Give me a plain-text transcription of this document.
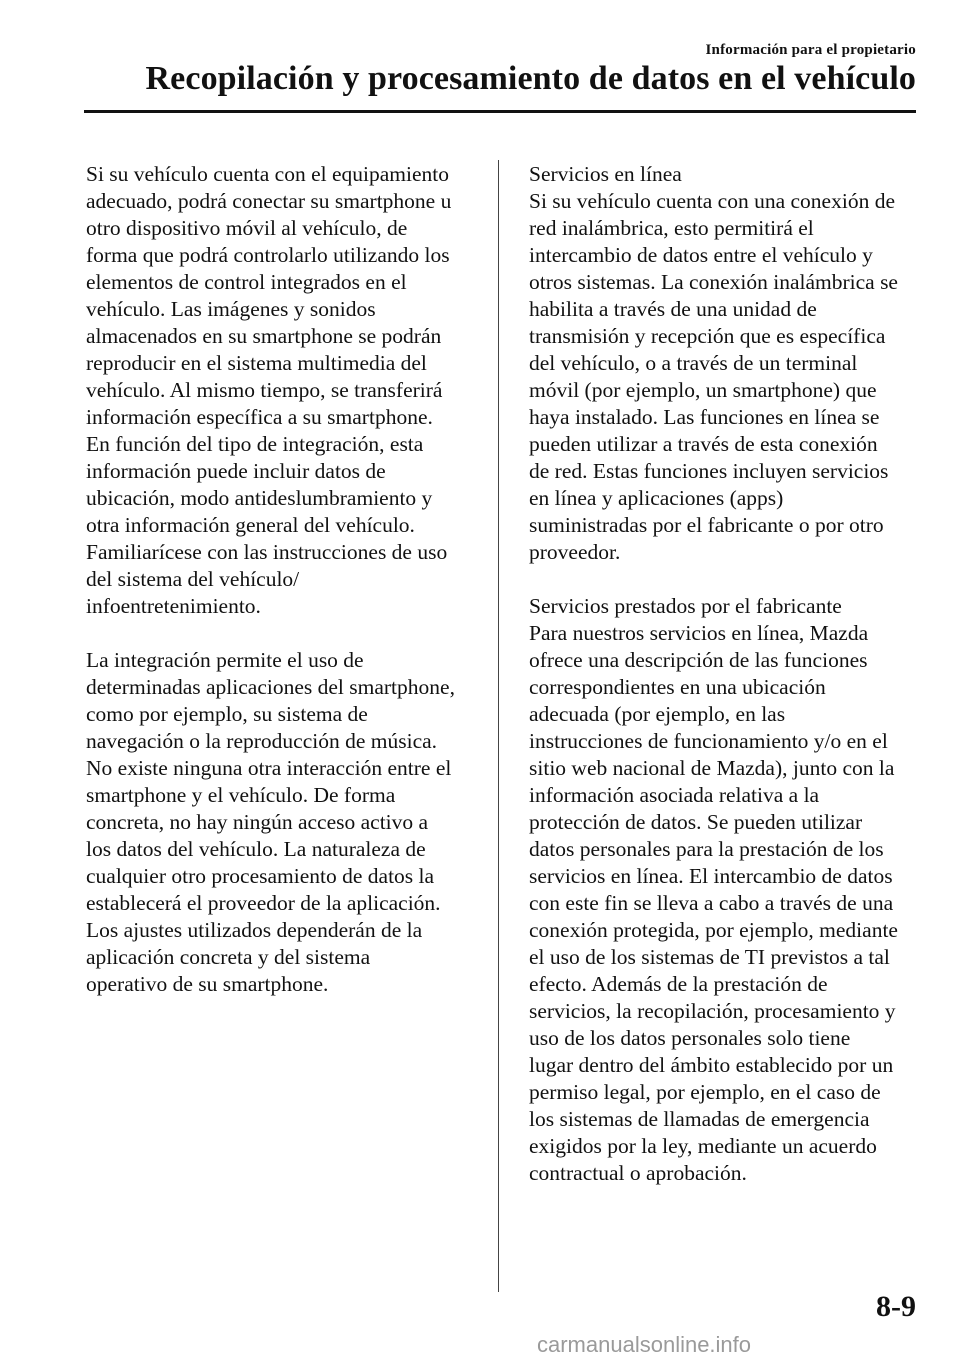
Información para el propietario
Recopilación y procesamiento de datos en el vehículo
Si su vehículo cuenta con el equipamiento
adecuado, podrá conectar su smartphone u
otro dispositivo móvil al vehículo, de
forma que podrá controlarlo utilizando los
elementos de control integrados en el
vehículo. Las imágenes y sonidos
almacenados en su smartphone se podrán
reproducir en el sistema multimedia del
vehículo. Al mismo tiempo, se transferirá
información específica a su smartphone.
En función del tipo de integración, esta
información puede incluir datos de
ubicación, modo antideslumbramiento y
otra información general del vehículo.
Familiarícese con las instrucciones de uso
del sistema del vehículo/
infoentretenimiento.
La integración permite el uso de
determinadas aplicaciones del smartphone,
como por ejemplo, su sistema de
navegación o la reproducción de música.
No existe ninguna otra interacción entre el
smartphone y el vehículo. De forma
concreta, no hay ningún acceso activo a
los datos del vehículo. La naturaleza de
cualquier otro procesamiento de datos la
establecerá el proveedor de la aplicación.
Los ajustes utilizados dependerán de la
aplicación concreta y del sistema
operativo de su smartphone.
Servicios en línea
Si su vehículo cuenta con una conexión de
red inalámbrica, esto permitirá el
intercambio de datos entre el vehículo y
otros sistemas. La conexión inalámbrica se
habilita a través de una unidad de
transmisión y recepción que es específica
del vehículo, o a través de un terminal
móvil (por ejemplo, un smartphone) que
haya instalado. Las funciones en línea se
pueden utilizar a través de esta conexión
de red. Estas funciones incluyen servicios
en línea y aplicaciones (apps)
suministradas por el fabricante o por otro
proveedor.
Servicios prestados por el fabricante
Para nuestros servicios en línea, Mazda
ofrece una descripción de las funciones
correspondientes en una ubicación
adecuada (por ejemplo, en las
instrucciones de funcionamiento y/o en el
sitio web nacional de Mazda), junto con la
información asociada relativa a la
protección de datos. Se pueden utilizar
datos personales para la prestación de los
servicios en línea. El intercambio de datos
con este fin se lleva a cabo a través de una
conexión protegida, por ejemplo, mediante
el uso de los sistemas de TI previstos a tal
efecto. Además de la prestación de
servicios, la recopilación, procesamiento y
uso de los datos personales solo tiene
lugar dentro del ámbito establecido por un
permiso legal, por ejemplo, en el caso de
los sistemas de llamadas de emergencia
exigidos por la ley, mediante un acuerdo
contractual o aprobación.
8-9
carmanualsonline.info
